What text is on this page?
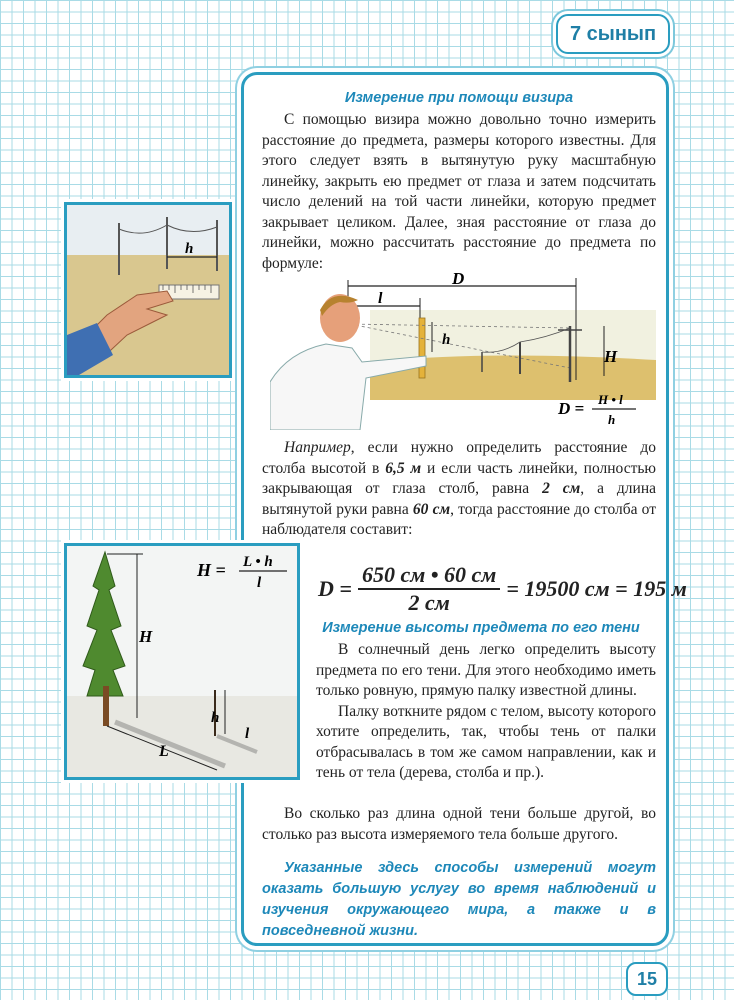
7 сынып
Измерение при помощи визира

С помощью визира можно довольно точно измерить расстояние до предмета, размеры которого известны. Для этого следует взять в вытянутую руку масштабную линейку, закрыть ею предмет от глаза и затем подсчитать число делений на той части линейки, которую предмет закрывает целиком. Далее, зная расстояние от глаза до линейки, можно рассчитать расстояние до предмета по формуле:

h
D
l
h
H
D = H • l
h

Например, если нужно определить расстояние до столба высотой в 6,5 м и если часть линейки, полностью закрывающая от глаза столб, равна 2 см, а длина вытянутой руки равна 60 см, тогда расстояние до столба от наблюдателя составит:

H
h
L
l
H = L • h
l	$D = \frac{650 см • 60 см}{2 см} = 19500$ см = 195 м
Измерение высоты предмета по его тени

В солнечный день легко определить высоту предмета по его тени. Для этого необходимо иметь только ровную, прямую палку известной длины.

Палку воткните рядом с телом, высоту которого хотите определить, так, чтобы тень от палки отбрасывалась в том же самом направлении, как и тень от тела (дерева, столба и пр.).

Во сколько раз длина одной тени больше другой, во столько раз высота измеряемого тела больше другого.

Указанные здесь способы измерений могут оказать большую услугу во время наблюдений и изучения окружающего мира, а также и в повседневной жизни.

15
